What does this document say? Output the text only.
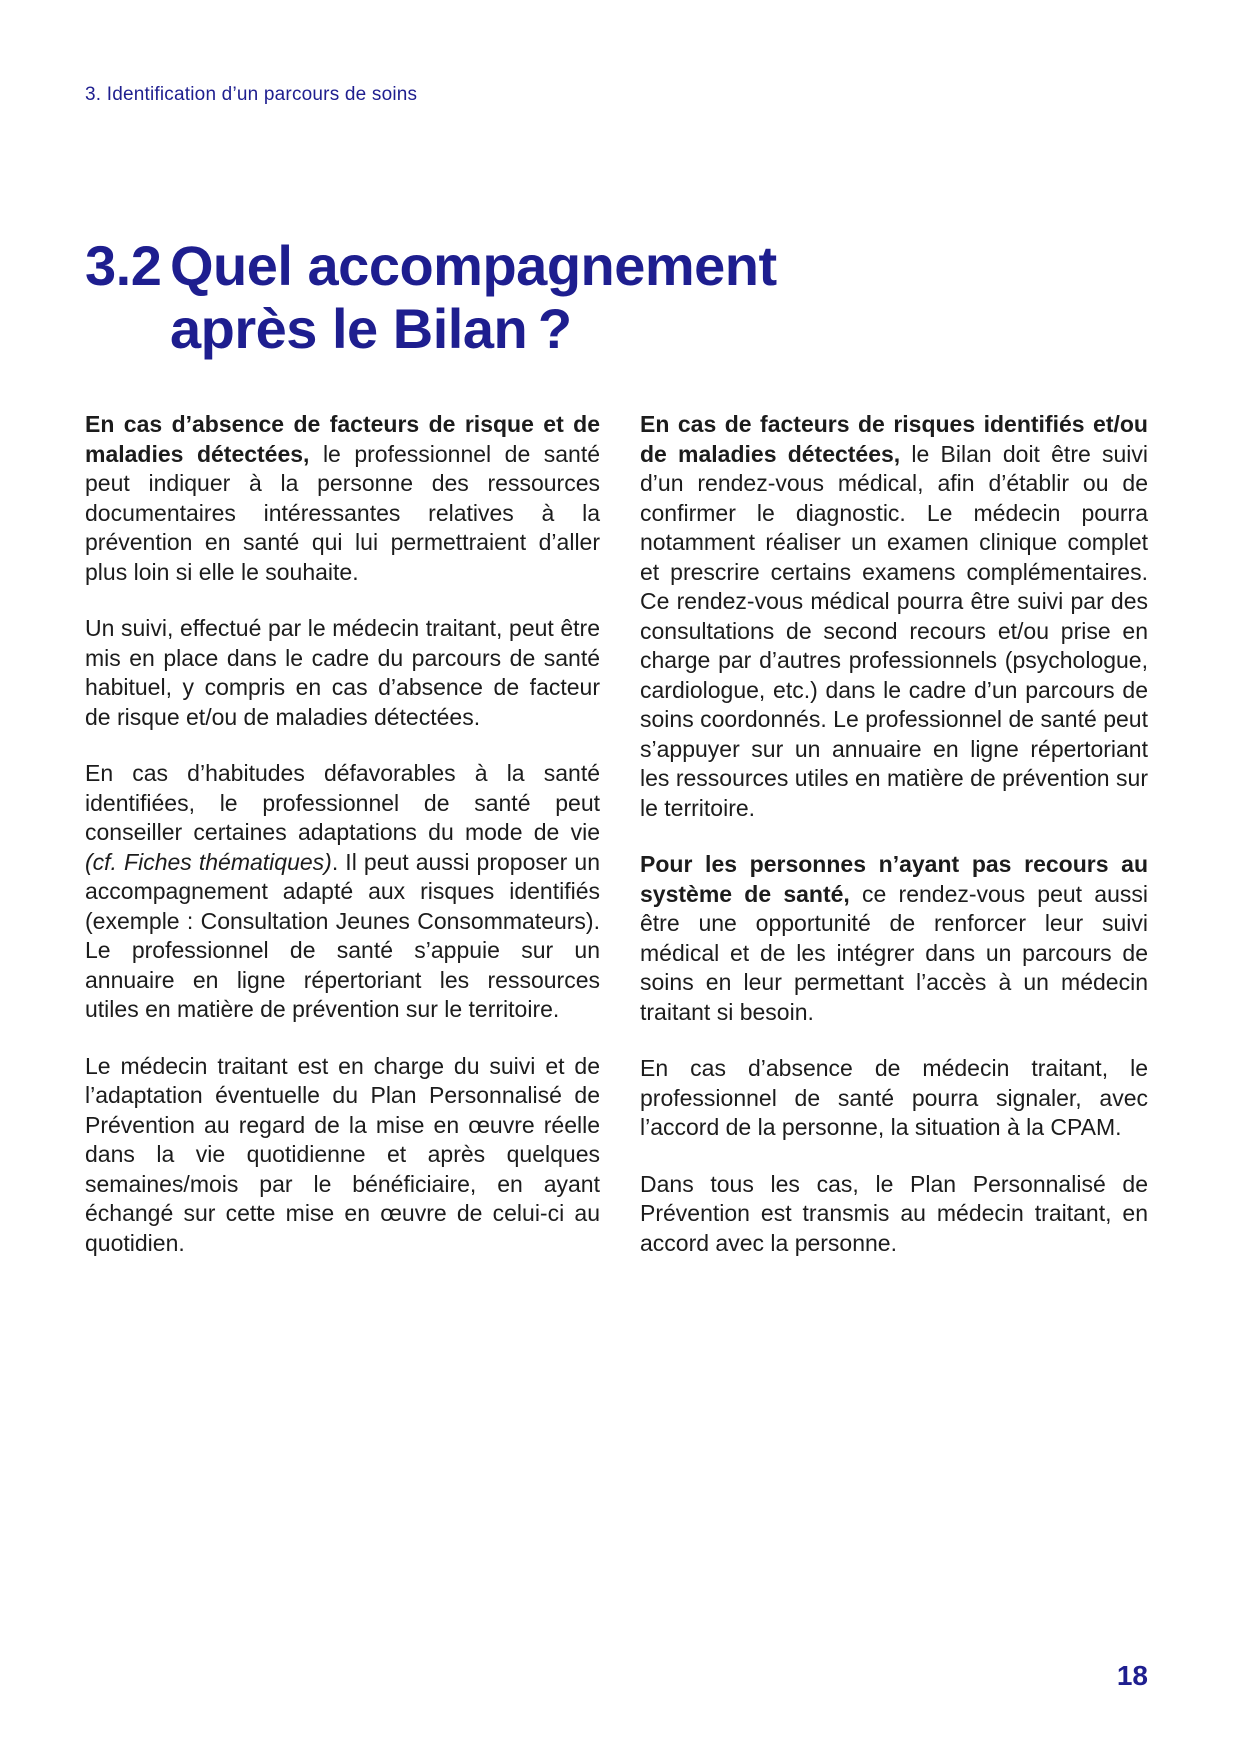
3. Identification d’un parcours de soins
3.2 Quel accompagnement
après le Bilan ?

En cas d’absence de facteurs de risque et de maladies détectées, le professionnel de santé peut indiquer à la personne des ressources documentaires intéressantes relatives à la prévention en santé qui lui permettraient d’aller plus loin si elle le souhaite.

Un suivi, effectué par le médecin traitant, peut être mis en place dans le cadre du parcours de santé habituel, y compris en cas d’absence de facteur de risque et/ou de maladies détectées.

En cas d’habitudes défavorables à la santé identifiées, le professionnel de santé peut conseiller certaines adaptations du mode de vie (cf. Fiches thématiques). Il peut aussi proposer un accompagnement adapté aux risques identifiés (exemple : Consultation Jeunes Consommateurs). Le professionnel de santé s’appuie sur un annuaire en ligne répertoriant les ressources utiles en matière de prévention sur le territoire.

Le médecin traitant est en charge du suivi et de l’adaptation éventuelle du Plan Personnalisé de Prévention au regard de la mise en œuvre réelle dans la vie quotidienne et après quelques semaines/mois par le bénéficiaire, en ayant échangé sur cette mise en œuvre de celui-ci au quotidien.

En cas de facteurs de risques identifiés et/ou de maladies détectées, le Bilan doit être suivi d’un rendez-vous médical, afin d’établir ou de confirmer le diagnostic. Le médecin pourra notamment réaliser un examen clinique complet et prescrire certains examens complémentaires. Ce rendez-vous médical pourra être suivi par des consultations de second recours et/ou prise en charge par d’autres professionnels (psychologue, cardiologue, etc.) dans le cadre d’un parcours de soins coordonnés. Le professionnel de santé peut s’appuyer sur un annuaire en ligne répertoriant les ressources utiles en matière de prévention sur le territoire.

Pour les personnes n’ayant pas recours au système de santé, ce rendez-vous peut aussi être une opportunité de renforcer leur suivi médical et de les intégrer dans un parcours de soins en leur permettant l’accès à un médecin traitant si besoin.

En cas d’absence de médecin traitant, le professionnel de santé pourra signaler, avec l’accord de la personne, la situation à la CPAM.

Dans tous les cas, le Plan Personnalisé de Prévention est transmis au médecin traitant, en accord avec la personne.

18
